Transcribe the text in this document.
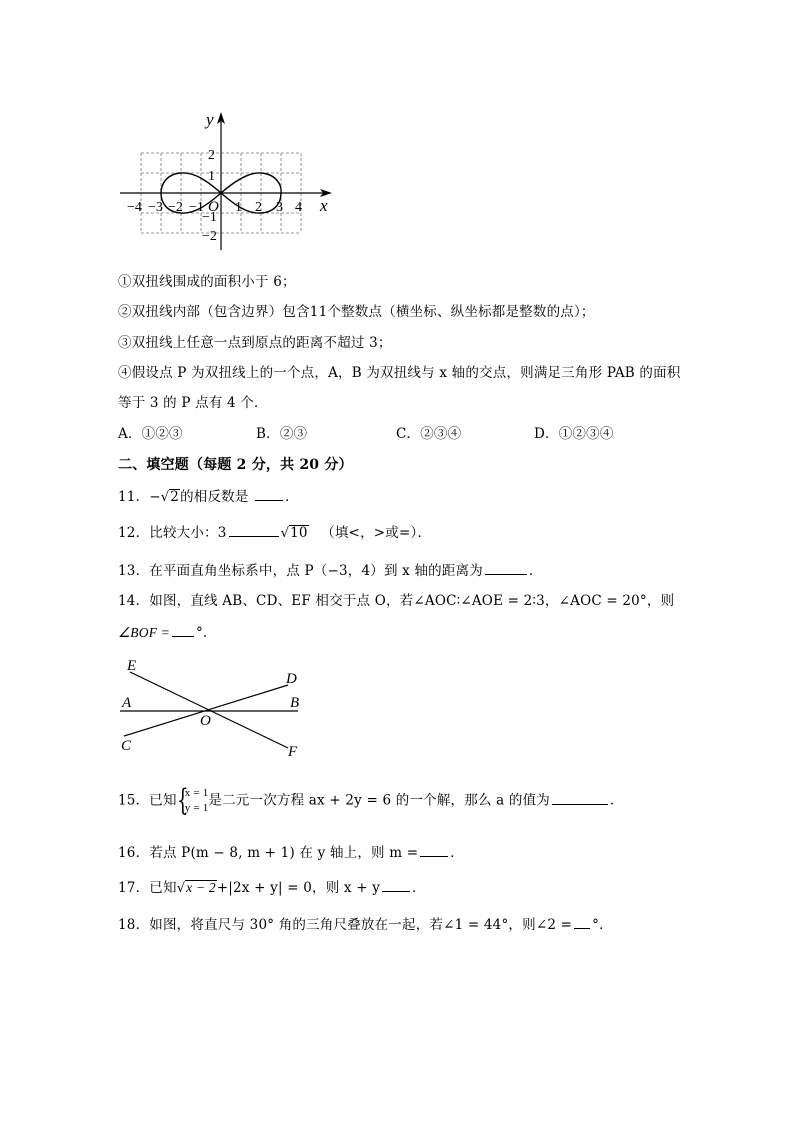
y
x
O
−4 −3 −2 −1 1 2 3 4
2
1
−1
−2
①双扭线围成的面积小于 6；
②双扭线内部（包含边界）包含11个整数点（横坐标、纵坐标都是整数的点）；
③双扭线上任意一点到原点的距离不超过 3；
④假设点 P 为双扭线上的一个点，A，B 为双扭线与 x 轴的交点，则满足三角形 PAB 的面积
等于 3 的 P 点有 4 个．
A．①②③	B．②③	C．②③④	D．①②③④
二、填空题（每题 2 分，共 20 分）
11．−√2的相反数是	．
12．比较大小：3	√10 （填<，>或=）．
13．在平面直角坐标系中，点 P（−3，4）到 x 轴的距离为	．
14．如图，直线 AB、CD、EF 相交于点 O，若∠AOC∶∠AOE = 2∶3，∠AOC = 20°，则
∠BOF = °．
E
D
A	B
O
C	F
15．已知 {
x = 1
y = 1 是二元一次方程 ax + 2y = 6 的一个解，那么 a 的值为	．
16．若点 P(m − 8, m + 1) 在 y 轴上，则 m = ．
17．已知√x − 2+|2x + y| = 0，则 x + y ．
18．如图，将直尺与 30° 角的三角尺叠放在一起，若∠1 = 44°，则∠2 = °．
